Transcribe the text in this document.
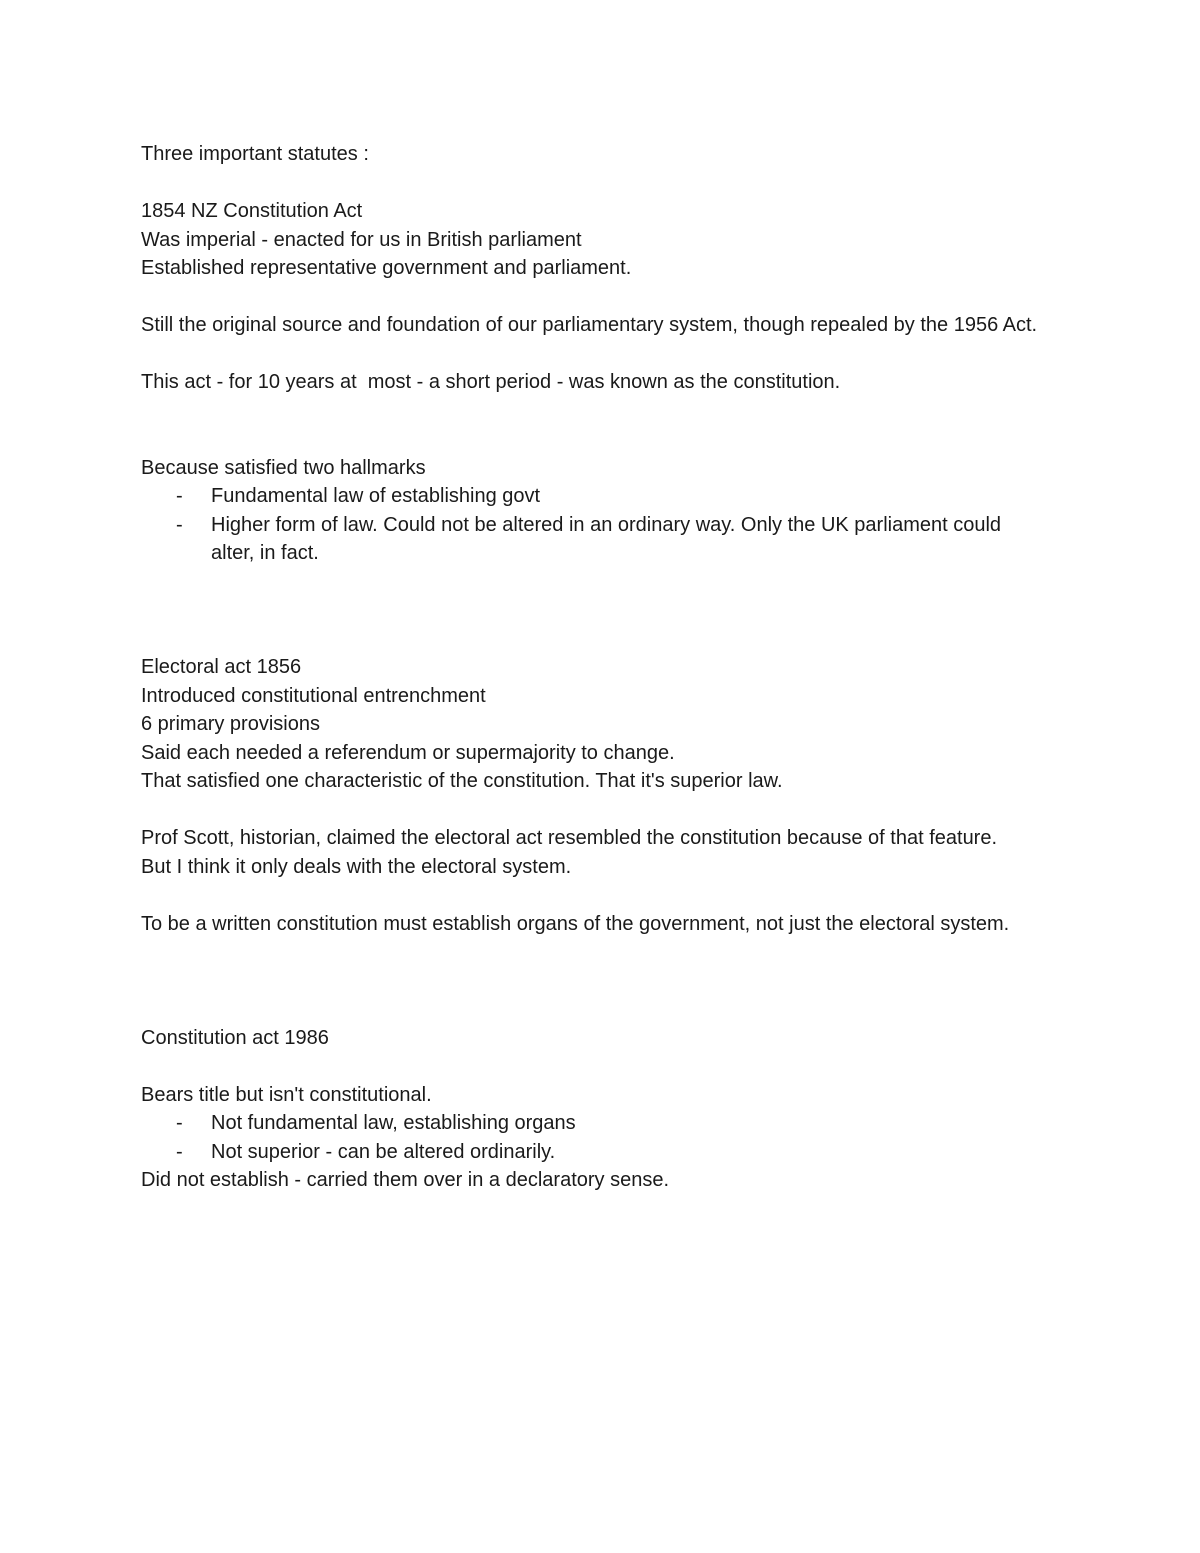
Three important statutes :
1854 NZ Constitution Act
Was imperial - enacted for us in British parliament
Established representative government and parliament.
Still the original source and foundation of our parliamentary system, though repealed by the 1956 Act.
This act - for 10 years at  most - a short period - was known as the constitution.
Because satisfied two hallmarks
- Fundamental law of establishing govt
- Higher form of law. Could not be altered in an ordinary way. Only the UK parliament could alter, in fact.
Electoral act 1856
Introduced constitutional entrenchment
6 primary provisions
Said each needed a referendum or supermajority to change.
That satisfied one characteristic of the constitution. That it's superior law.
Prof Scott, historian, claimed the electoral act resembled the constitution because of that feature.
But I think it only deals with the electoral system.
To be a written constitution must establish organs of the government, not just the electoral system.
Constitution act 1986
Bears title but isn't constitutional.
- Not fundamental law, establishing organs
- Not superior - can be altered ordinarily.
Did not establish - carried them over in a declaratory sense.
